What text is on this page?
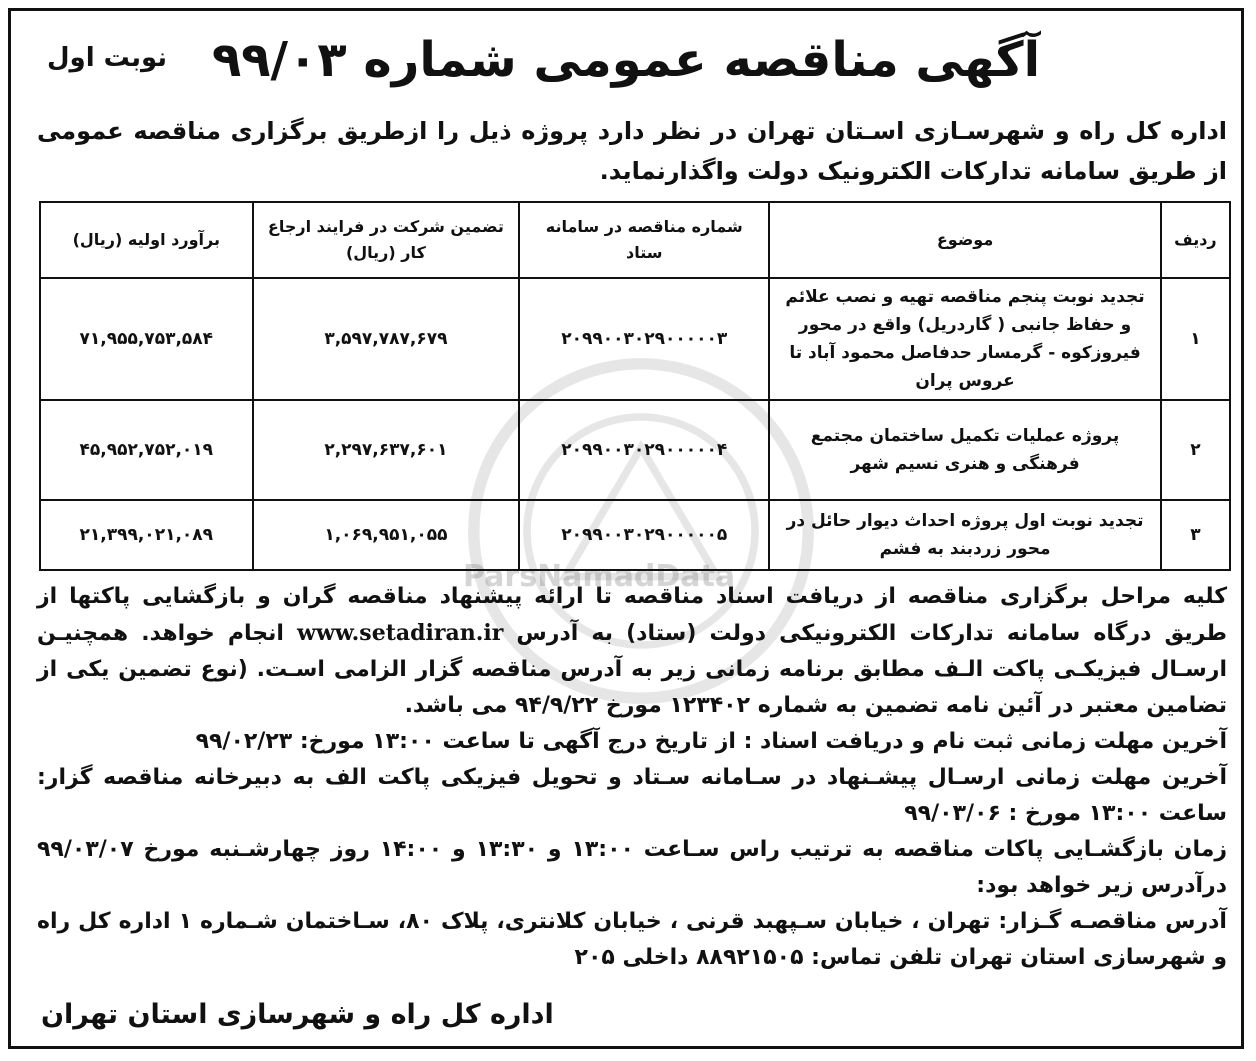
ParsNamadData
آگهی مناقصه عمومی شماره ۹۹/۰۳
نوبت اول
اداره کل راه و شهرسـازی اسـتان تهران در نظر دارد پروژه ذیل را ازطریق برگزاری مناقصه عمومی از طریق سامانه تدارکات الکترونیک دولت واگذارنماید.
ردیف	موضوع	شماره مناقصه در سامانه ستاد	تضمین شرکت در فرایند ارجاع کار (ریال)	برآورد اولیه (ریال)
۱	تجدید نوبت پنجم مناقصه تهیه و نصب علائم و حفاظ جانبی ( گاردریل) واقع در محور فیروزکوه - گرمسار حدفاصل محمود آباد تا عروس پران	۲۰۹۹۰۰۳۰۲۹۰۰۰۰۰۳	۳,۵۹۷,۷۸۷,۶۷۹	۷۱,۹۵۵,۷۵۳,۵۸۴
۲	پروژه عملیات تکمیل ساختمان مجتمع فرهنگی و هنری نسیم شهر	۲۰۹۹۰۰۳۰۲۹۰۰۰۰۰۴	۲,۲۹۷,۶۳۷,۶۰۱	۴۵,۹۵۲,۷۵۲,۰۱۹
۳	تجدید نوبت اول پروژه احداث دیوار حائل در محور زردبند به فشم	۲۰۹۹۰۰۳۰۲۹۰۰۰۰۰۵	۱,۰۶۹,۹۵۱,۰۵۵	۲۱,۳۹۹,۰۲۱,۰۸۹

کلیه مراحل برگزاری مناقصه از دریافت اسناد مناقصه تا ارائه پیشنهاد مناقصه گران و بازگشایی پاکتها از طریق درگاه سامانه تدارکات الکترونیکی دولت (ستاد) به آدرس www.setadiran.ir انجام خواهد. همچنیـن ارسـال فیزیکـی پاکت الـف مطابق برنامه زمانی زیر به آدرس مناقصه گزار الزامی اسـت. (نوع تضمین یکی از تضامین معتبر در آئین نامه تضمین به شماره ۱۲۳۴۰۲ مورخ ۹۴/۹/۲۲ می باشد.

آخرین مهلت زمانی ثبت نام و دریافت اسناد : از تاریخ درج آگهی تا ساعت ۱۳:۰۰ مورخ: ۹۹/۰۲/۲۳

آخرین مهلت زمانی ارسـال پیشـنهاد در سـامانه سـتاد و تحویل فیزیکی پاکت الف به دبیرخانه مناقصه گزار: ساعت ۱۳:۰۰ مورخ : ۹۹/۰۳/۰۶

زمان بازگشـایی پاکات مناقصه به ترتیب راس سـاعت ۱۳:۰۰ و ۱۳:۳۰ و ۱۴:۰۰ روز چهارشـنبه مورخ ۹۹/۰۳/۰۷ درآدرس زیر خواهد بود:

آدرس مناقصـه گـزار: تهران ، خیابان سـپهبد قرنی ، خیابان کلانتری، پلاک ۸۰، سـاختمان شـماره ۱ اداره کل راه و شهرسازی استان تهران تلفن تماس: ۸۸۹۲۱۵۰۵ داخلی ۲۰۵

اداره کل راه و شهرسازی استان تهران
